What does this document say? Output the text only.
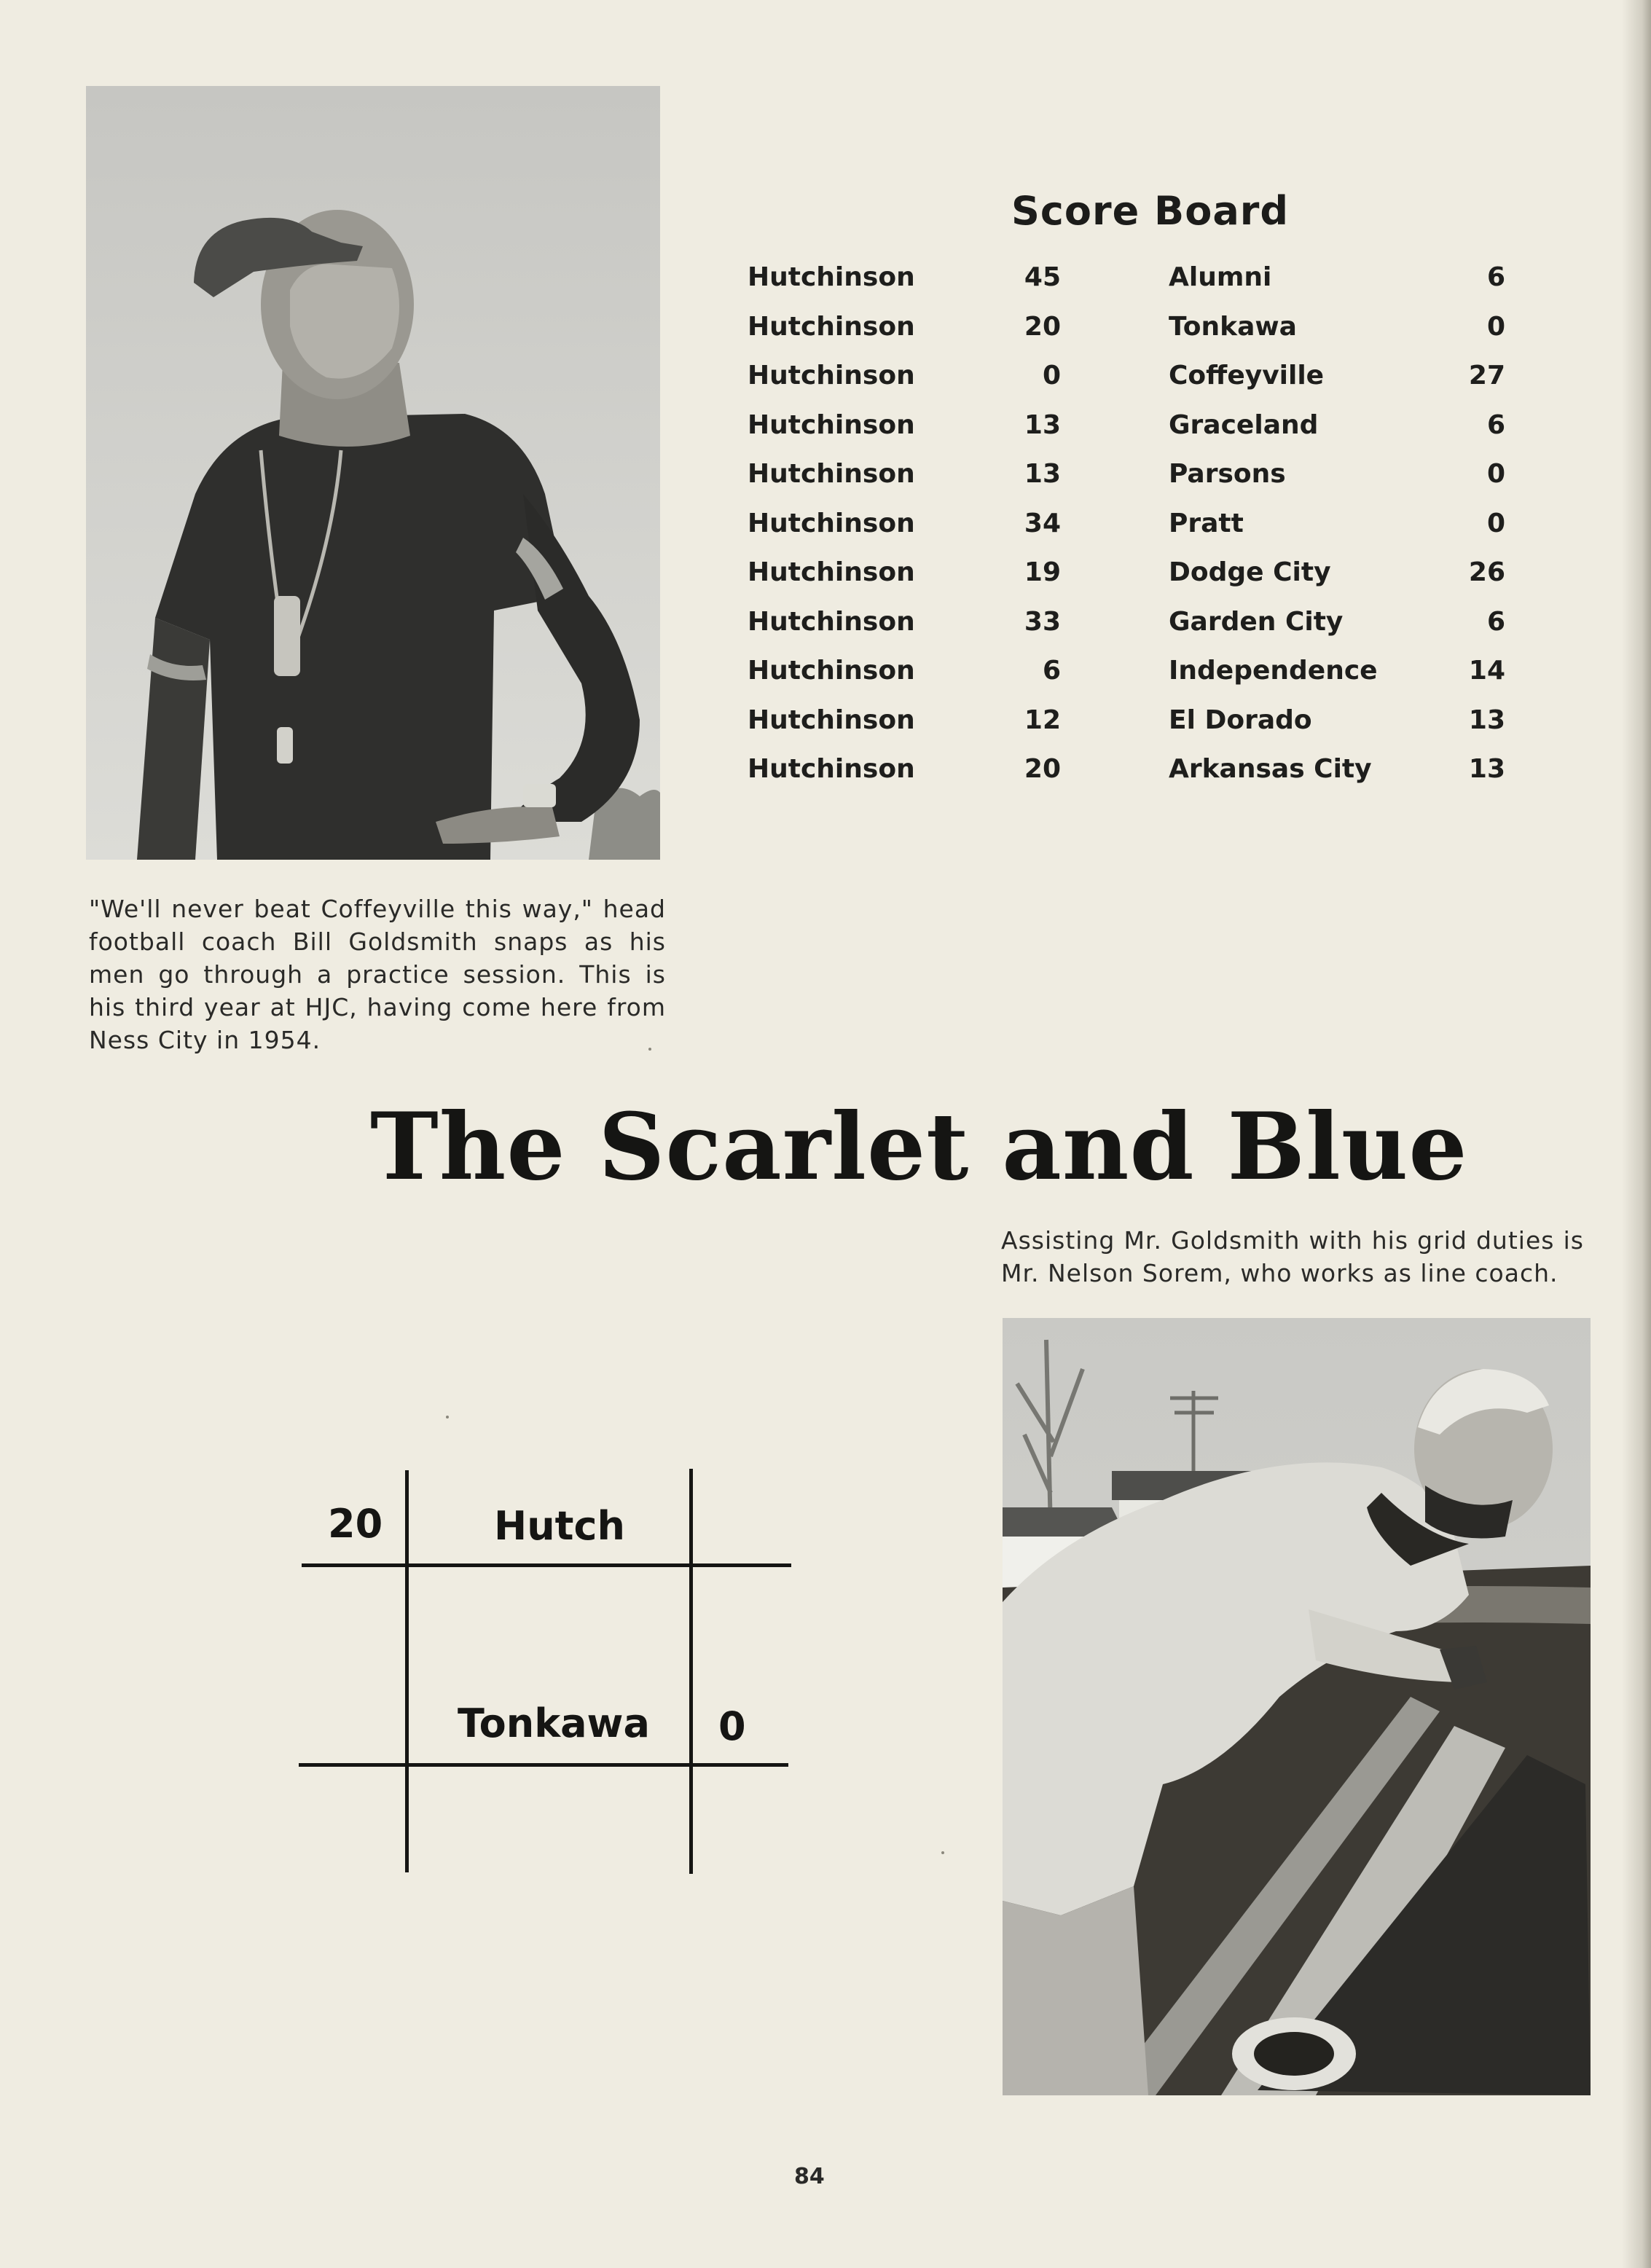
"We'll never beat Coffeyville this way," head football coach Bill Goldsmith snaps as his men go through a practice session. This is his third year at HJC, having come here from Ness City in 1954.

Score Board
Hutchinson	45	Alumni	6
Hutchinson	20	Tonkawa	0
Hutchinson	0	Coffeyville	27
Hutchinson	13	Graceland	6
Hutchinson	13	Parsons	0
Hutchinson	34	Pratt	0
Hutchinson	19	Dodge City	26
Hutchinson	33	Garden City	6
Hutchinson	6	Independence	14
Hutchinson	12	El Dorado	13
Hutchinson	20	Arkansas City	13
The Scarlet and Blue

Assisting Mr. Goldsmith with his grid duties is Mr. Nelson Sorem, who works as line coach.

20	Hutch
Tonkawa 0
84
